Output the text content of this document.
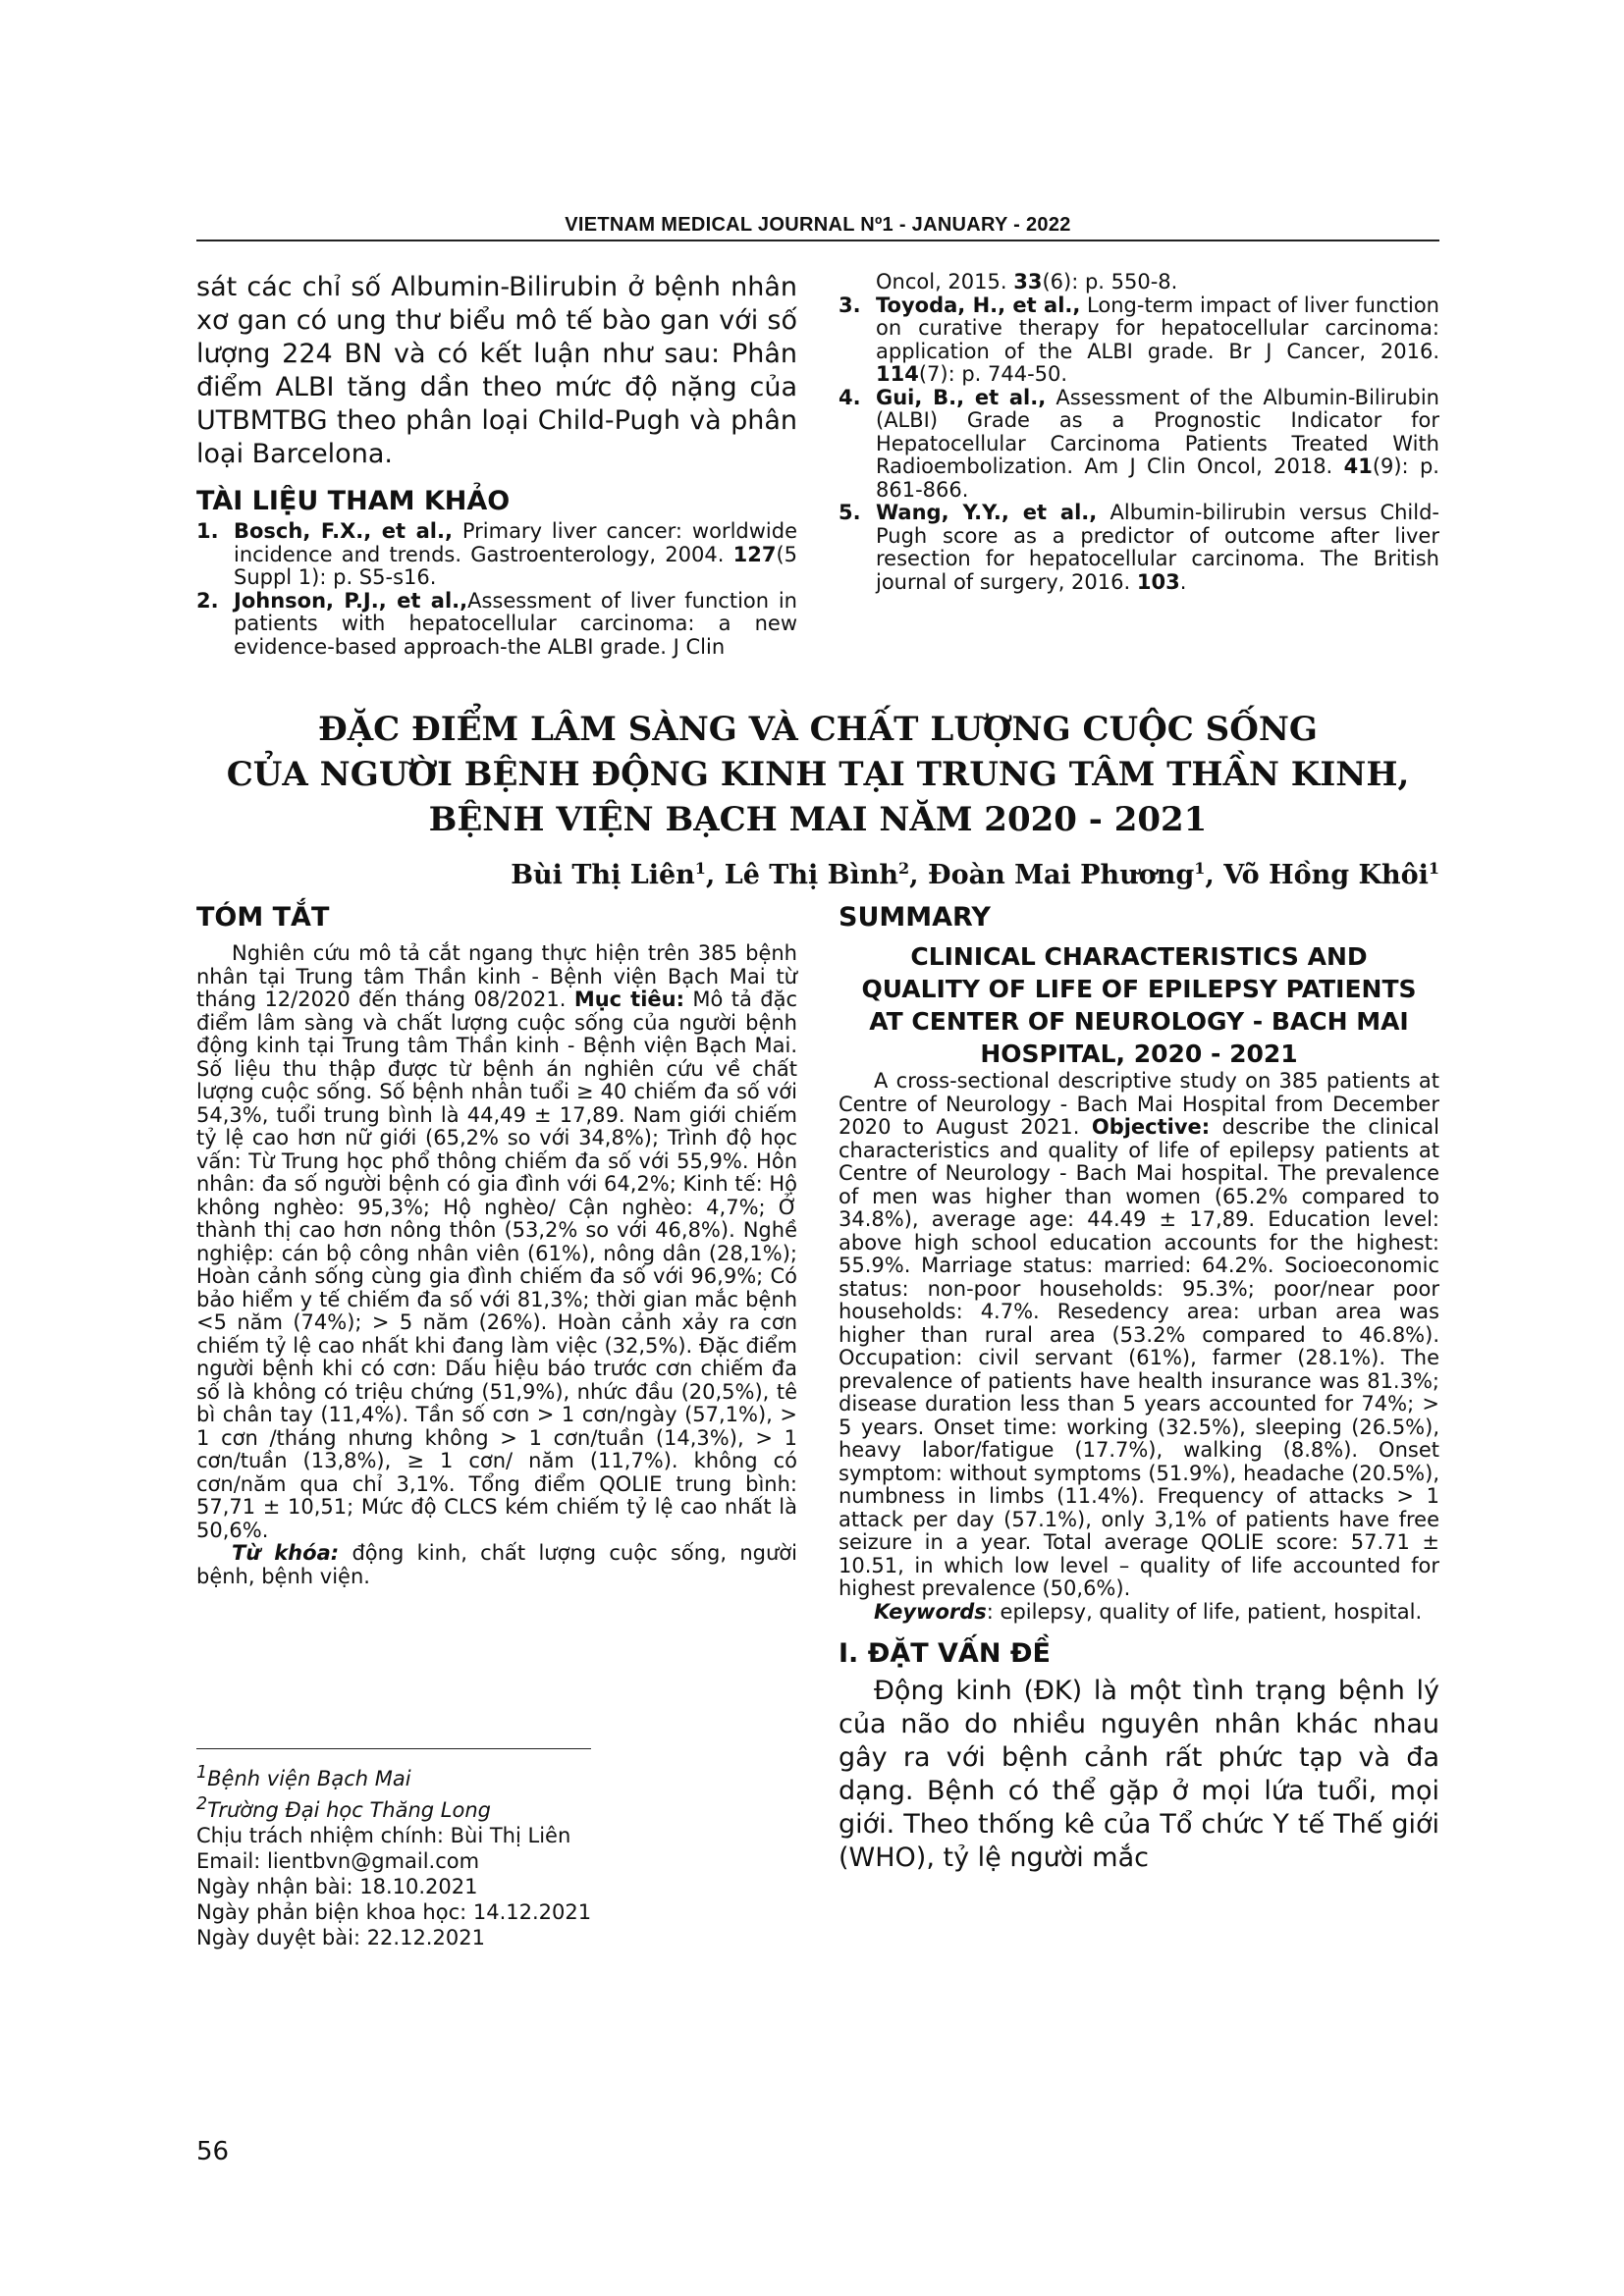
VIETNAM MEDICAL JOURNAL Nº1 - JANUARY - 2022
sát các chỉ số Albumin-Bilirubin ở bệnh nhân xơ gan có ung thư biểu mô tế bào gan với số lượng 224 BN và có kết luận như sau: Phân điểm ALBI tăng dần theo mức độ nặng của UTBMTBG theo phân loại Child-Pugh và phân loại Barcelona.
TÀI LIỆU THAM KHẢO
1. Bosch, F.X., et al., Primary liver cancer: worldwide incidence and trends. Gastroenterology, 2004. 127(5 Suppl 1): p. S5-s16.
2. Johnson, P.J., et al.,Assessment of liver function in patients with hepatocellular carcinoma: a new evidence-based approach-the ALBI grade. J Clin
Oncol, 2015. 33(6): p. 550-8.
3. Toyoda, H., et al., Long-term impact of liver function on curative therapy for hepatocellular carcinoma: application of the ALBI grade. Br J Cancer, 2016. 114(7): p. 744-50.
4. Gui, B., et al., Assessment of the Albumin-Bilirubin (ALBI) Grade as a Prognostic Indicator for Hepatocellular Carcinoma Patients Treated With Radioembolization. Am J Clin Oncol, 2018. 41(9): p. 861-866.
5. Wang, Y.Y., et al., Albumin-bilirubin versus Child-Pugh score as a predictor of outcome after liver resection for hepatocellular carcinoma. The British journal of surgery, 2016. 103.
ĐẶC ĐIỂM LÂM SÀNG VÀ CHẤT LƯỢNG CUỘC SỐNG
CỦA NGƯỜI BỆNH ĐỘNG KINH TẠI TRUNG TÂM THẦN KINH,
BỆNH VIỆN BẠCH MAI NĂM 2020 - 2021
Bùi Thị Liên$^1$, Lê Thị Bình$^2$, Đoàn Mai Phương$^1$, Võ Hồng Khôi$^1$
TÓM TẮT
Nghiên cứu mô tả cắt ngang thực hiện trên 385 bệnh nhân tại Trung tâm Thần kinh - Bệnh viện Bạch Mai từ tháng 12/2020 đến tháng 08/2021. Mục tiêu: Mô tả đặc điểm lâm sàng và chất lượng cuộc sống của người bệnh động kinh tại Trung tâm Thần kinh - Bệnh viện Bạch Mai. Số liệu thu thập được từ bệnh án nghiên cứu về chất lượng cuộc sống. Số bệnh nhân tuổi ≥ 40 chiếm đa số với 54,3%, tuổi trung bình là 44,49 ± 17,89. Nam giới chiếm tỷ lệ cao hơn nữ giới (65,2% so với 34,8%); Trình độ học vấn: Từ Trung học phổ thông chiếm đa số với 55,9%. Hôn nhân: đa số người bệnh có gia đình với 64,2%; Kinh tế: Hộ không nghèo: 95,3%; Hộ nghèo/ Cận nghèo: 4,7%; Ở thành thị cao hơn nông thôn (53,2% so với 46,8%). Nghề nghiệp: cán bộ công nhân viên (61%), nông dân (28,1%); Hoàn cảnh sống cùng gia đình chiếm đa số với 96,9%; Có bảo hiểm y tế chiếm đa số với 81,3%; thời gian mắc bệnh <5 năm (74%); > 5 năm (26%). Hoàn cảnh xảy ra cơn chiếm tỷ lệ cao nhất khi đang làm việc (32,5%). Đặc điểm người bệnh khi có cơn: Dấu hiệu báo trước cơn chiếm đa số là không có triệu chứng (51,9%), nhức đầu (20,5%), tê bì chân tay (11,4%). Tần số cơn > 1 cơn/ngày (57,1%), > 1 cơn /tháng nhưng không > 1 cơn/tuần (14,3%), > 1 cơn/tuần (13,8%), ≥ 1 cơn/ năm (11,7%). không có cơn/năm qua chỉ 3,1%. Tổng điểm QOLIE trung bình: 57,71 ± 10,51; Mức độ CLCS kém chiếm tỷ lệ cao nhất là 50,6%.
Từ khóa: động kinh, chất lượng cuộc sống, người bệnh, bệnh viện.
SUMMARY
CLINICAL CHARACTERISTICS AND
QUALITY OF LIFE OF EPILEPSY PATIENTS
AT CENTER OF NEUROLOGY - BACH MAI
HOSPITAL, 2020 - 2021
A cross-sectional descriptive study on 385 patients at Centre of Neurology - Bach Mai Hospital from December 2020 to August 2021. Objective: describe the clinical characteristics and quality of life of epilepsy patients at Centre of Neurology - Bach Mai hospital. The prevalence of men was higher than women (65.2% compared to 34.8%), average age: 44.49 ± 17,89. Education level: above high school education accounts for the highest: 55.9%. Marriage status: married: 64.2%. Socioeconomic status: non-poor households: 95.3%; poor/near poor households: 4.7%. Resedency area: urban area was higher than rural area (53.2% compared to 46.8%). Occupation: civil servant (61%), farmer (28.1%). The prevalence of patients have health insurance was 81.3%; disease duration less than 5 years accounted for 74%; > 5 years. Onset time: working (32.5%), sleeping (26.5%), heavy labor/fatigue (17.7%), walking (8.8%). Onset symptom: without symptoms (51.9%), headache (20.5%), numbness in limbs (11.4%). Frequency of attacks > 1 attack per day (57.1%), only 3,1% of patients have free seizure in a year. Total average QOLIE score: 57.71 ± 10.51, in which low level – quality of life accounted for highest prevalence (50,6%).
Keywords: epilepsy, quality of life, patient, hospital.
I. ĐẶT VẤN ĐỀ
Động kinh (ĐK) là một tình trạng bệnh lý của não do nhiều nguyên nhân khác nhau gây ra với bệnh cảnh rất phức tạp và đa dạng. Bệnh có thể gặp ở mọi lứa tuổi, mọi giới. Theo thống kê của Tổ chức Y tế Thế giới (WHO), tỷ lệ người mắc
$^1$Bệnh viện Bạch Mai
$^2$Trường Đại học Thăng Long
Chịu trách nhiệm chính: Bùi Thị Liên
Email: lientbvn@gmail.com
Ngày nhận bài: 18.10.2021
Ngày phản biện khoa học: 14.12.2021
Ngày duyệt bài: 22.12.2021
56
